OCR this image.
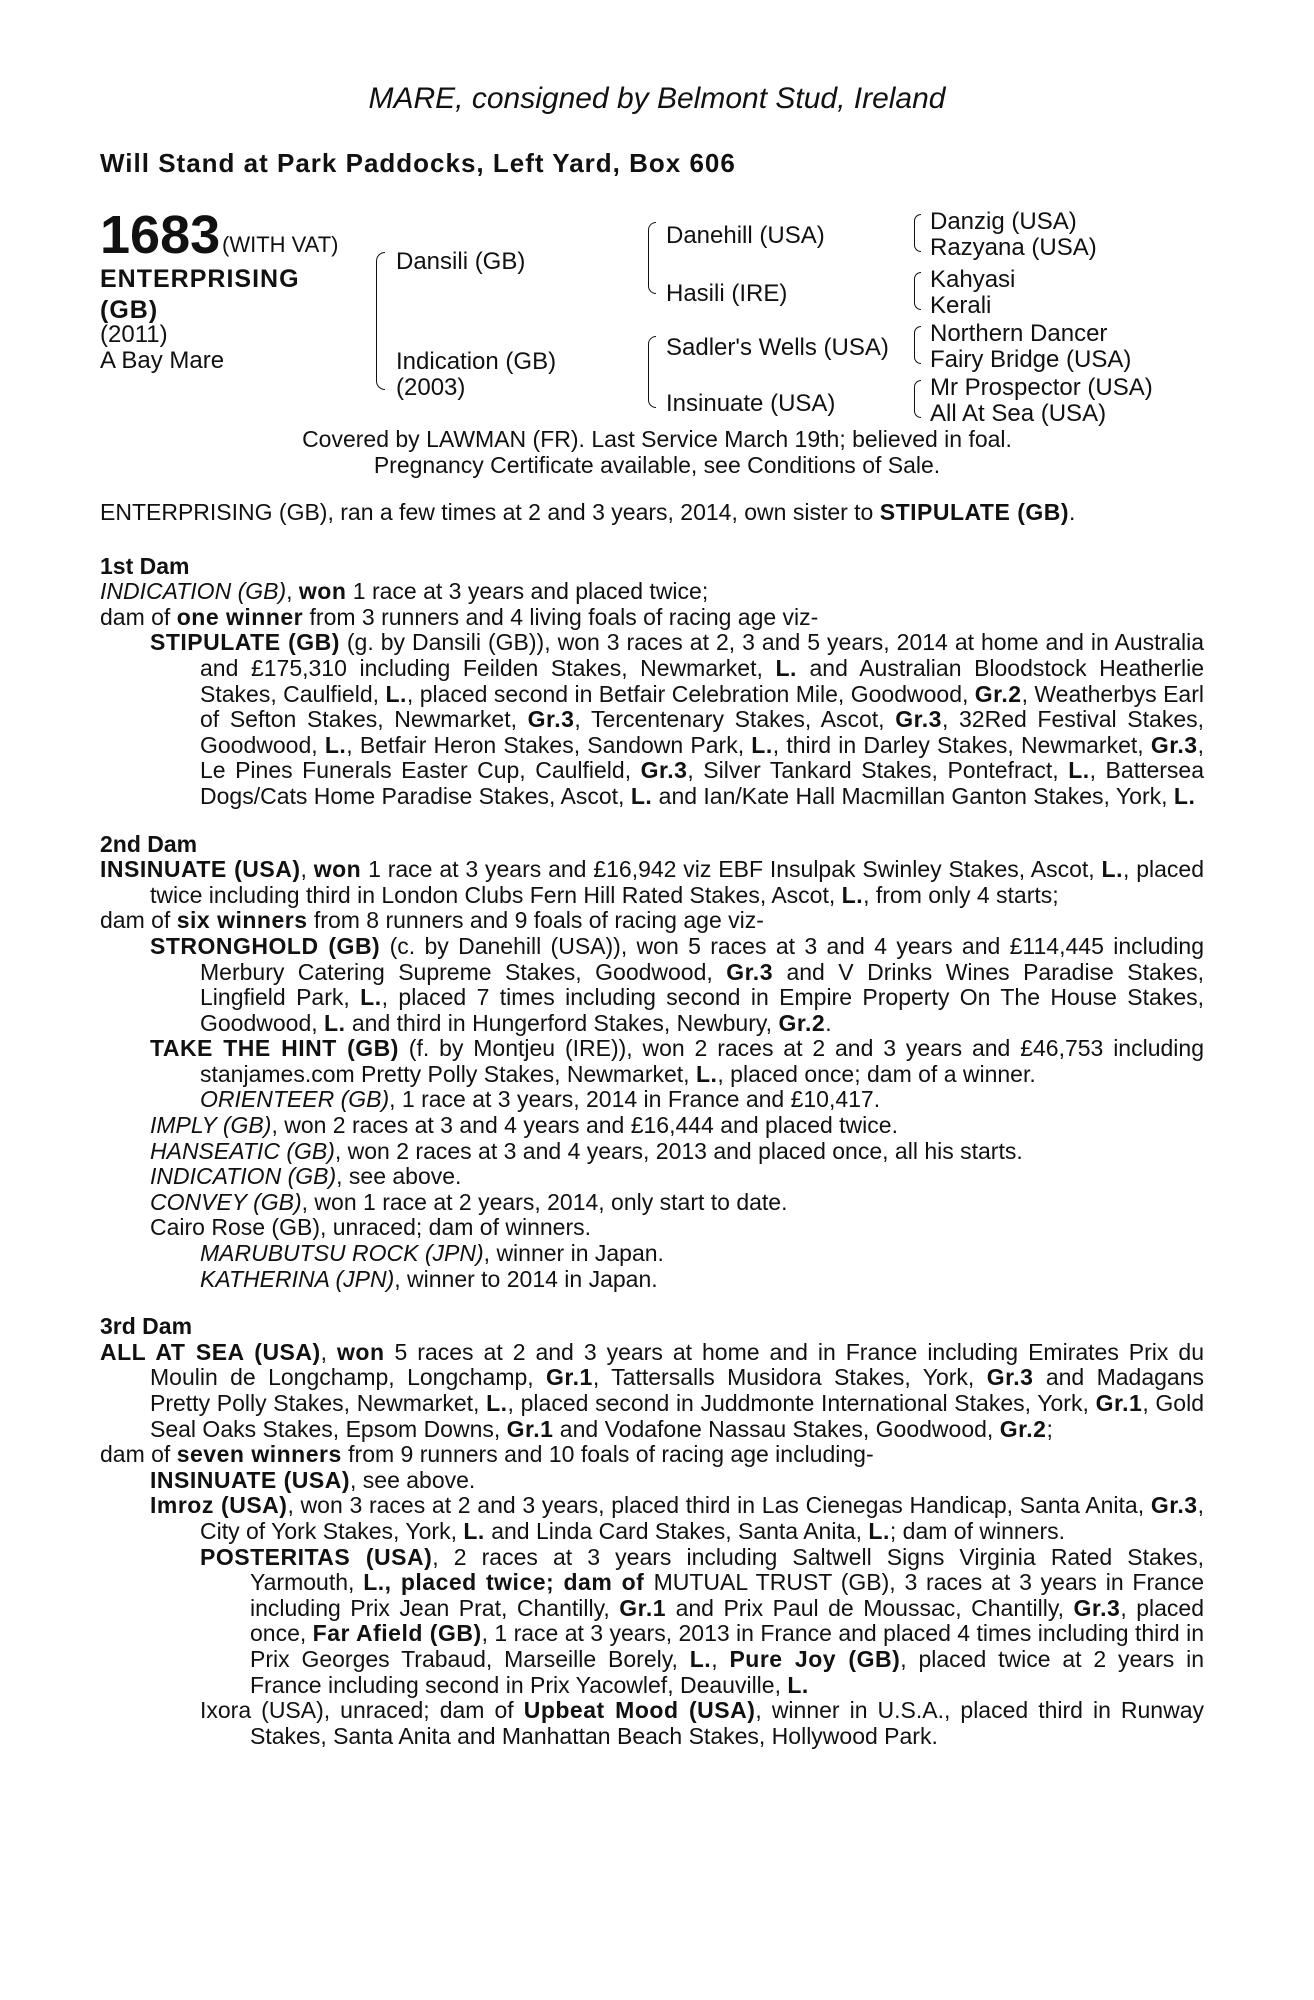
MARE, consigned by Belmont Stud, Ireland
Will Stand at Park Paddocks, Left Yard, Box 606
1683 (WITH VAT)
ENTERPRISING
(GB)
(2011)
A Bay Mare
Dansili (GB)
Indication (GB)
(2003)
Danehill (USA)
Hasili (IRE)
Sadler's Wells (USA)
Insinuate (USA)
Danzig (USA)
Razyana (USA)
Kahyasi
Kerali
Northern Dancer
Fairy Bridge (USA)
Mr Prospector (USA)
All At Sea (USA)
Covered by LAWMAN (FR). Last Service March 19th; believed in foal.
Pregnancy Certificate available, see Conditions of Sale.

ENTERPRISING (GB), ran a few times at 2 and 3 years, 2014, own sister to STIPULATE (GB).

1st Dam

INDICATION (GB), won 1 race at 3 years and placed twice;

dam of one winner from 3 runners and 4 living foals of racing age viz-

STIPULATE (GB) (g. by Dansili (GB)), won 3 races at 2, 3 and 5 years, 2014 at home and in Australia and £175,310 including Feilden Stakes, Newmarket, L. and Australian Bloodstock Heatherlie Stakes, Caulfield, L., placed second in Betfair Celebration Mile, Goodwood, Gr.2, Weatherbys Earl of Sefton Stakes, Newmarket, Gr.3, Tercentenary Stakes, Ascot, Gr.3, 32Red Festival Stakes, Goodwood, L., Betfair Heron Stakes, Sandown Park, L., third in Darley Stakes, Newmarket, Gr.3, Le Pines Funerals Easter Cup, Caulfield, Gr.3, Silver Tankard Stakes, Pontefract, L., Battersea Dogs/Cats Home Paradise Stakes, Ascot, L. and Ian/Kate Hall Macmillan Ganton Stakes, York, L.

2nd Dam

INSINUATE (USA), won 1 race at 3 years and £16,942 viz EBF Insulpak Swinley Stakes, Ascot, L., placed twice including third in London Clubs Fern Hill Rated Stakes, Ascot, L., from only 4 starts;

dam of six winners from 8 runners and 9 foals of racing age viz-

STRONGHOLD (GB) (c. by Danehill (USA)), won 5 races at 3 and 4 years and £114,445 including Merbury Catering Supreme Stakes, Goodwood, Gr.3 and V Drinks Wines Paradise Stakes, Lingfield Park, L., placed 7 times including second in Empire Property On The House Stakes, Goodwood, L. and third in Hungerford Stakes, Newbury, Gr.2.

TAKE THE HINT (GB) (f. by Montjeu (IRE)), won 2 races at 2 and 3 years and £46,753 including stanjames.com Pretty Polly Stakes, Newmarket, L., placed once; dam of a winner.

ORIENTEER (GB), 1 race at 3 years, 2014 in France and £10,417.

IMPLY (GB), won 2 races at 3 and 4 years and £16,444 and placed twice.

HANSEATIC (GB), won 2 races at 3 and 4 years, 2013 and placed once, all his starts.

INDICATION (GB), see above.

CONVEY (GB), won 1 race at 2 years, 2014, only start to date.

Cairo Rose (GB), unraced; dam of winners.

MARUBUTSU ROCK (JPN), winner in Japan.

KATHERINA (JPN), winner to 2014 in Japan.

3rd Dam

ALL AT SEA (USA), won 5 races at 2 and 3 years at home and in France including Emirates Prix du Moulin de Longchamp, Longchamp, Gr.1, Tattersalls Musidora Stakes, York, Gr.3 and Madagans Pretty Polly Stakes, Newmarket, L., placed second in Juddmonte International Stakes, York, Gr.1, Gold Seal Oaks Stakes, Epsom Downs, Gr.1 and Vodafone Nassau Stakes, Goodwood, Gr.2;

dam of seven winners from 9 runners and 10 foals of racing age including-

INSINUATE (USA), see above.

Imroz (USA), won 3 races at 2 and 3 years, placed third in Las Cienegas Handicap, Santa Anita, Gr.3, City of York Stakes, York, L. and Linda Card Stakes, Santa Anita, L.; dam of winners.

POSTERITAS (USA), 2 races at 3 years including Saltwell Signs Virginia Rated Stakes, Yarmouth, L., placed twice; dam of MUTUAL TRUST (GB), 3 races at 3 years in France including Prix Jean Prat, Chantilly, Gr.1 and Prix Paul de Moussac, Chantilly, Gr.3, placed once, Far Afield (GB), 1 race at 3 years, 2013 in France and placed 4 times including third in Prix Georges Trabaud, Marseille Borely, L., Pure Joy (GB), placed twice at 2 years in France including second in Prix Yacowlef, Deauville, L.

Ixora (USA), unraced; dam of Upbeat Mood (USA), winner in U.S.A., placed third in Runway Stakes, Santa Anita and Manhattan Beach Stakes, Hollywood Park.
